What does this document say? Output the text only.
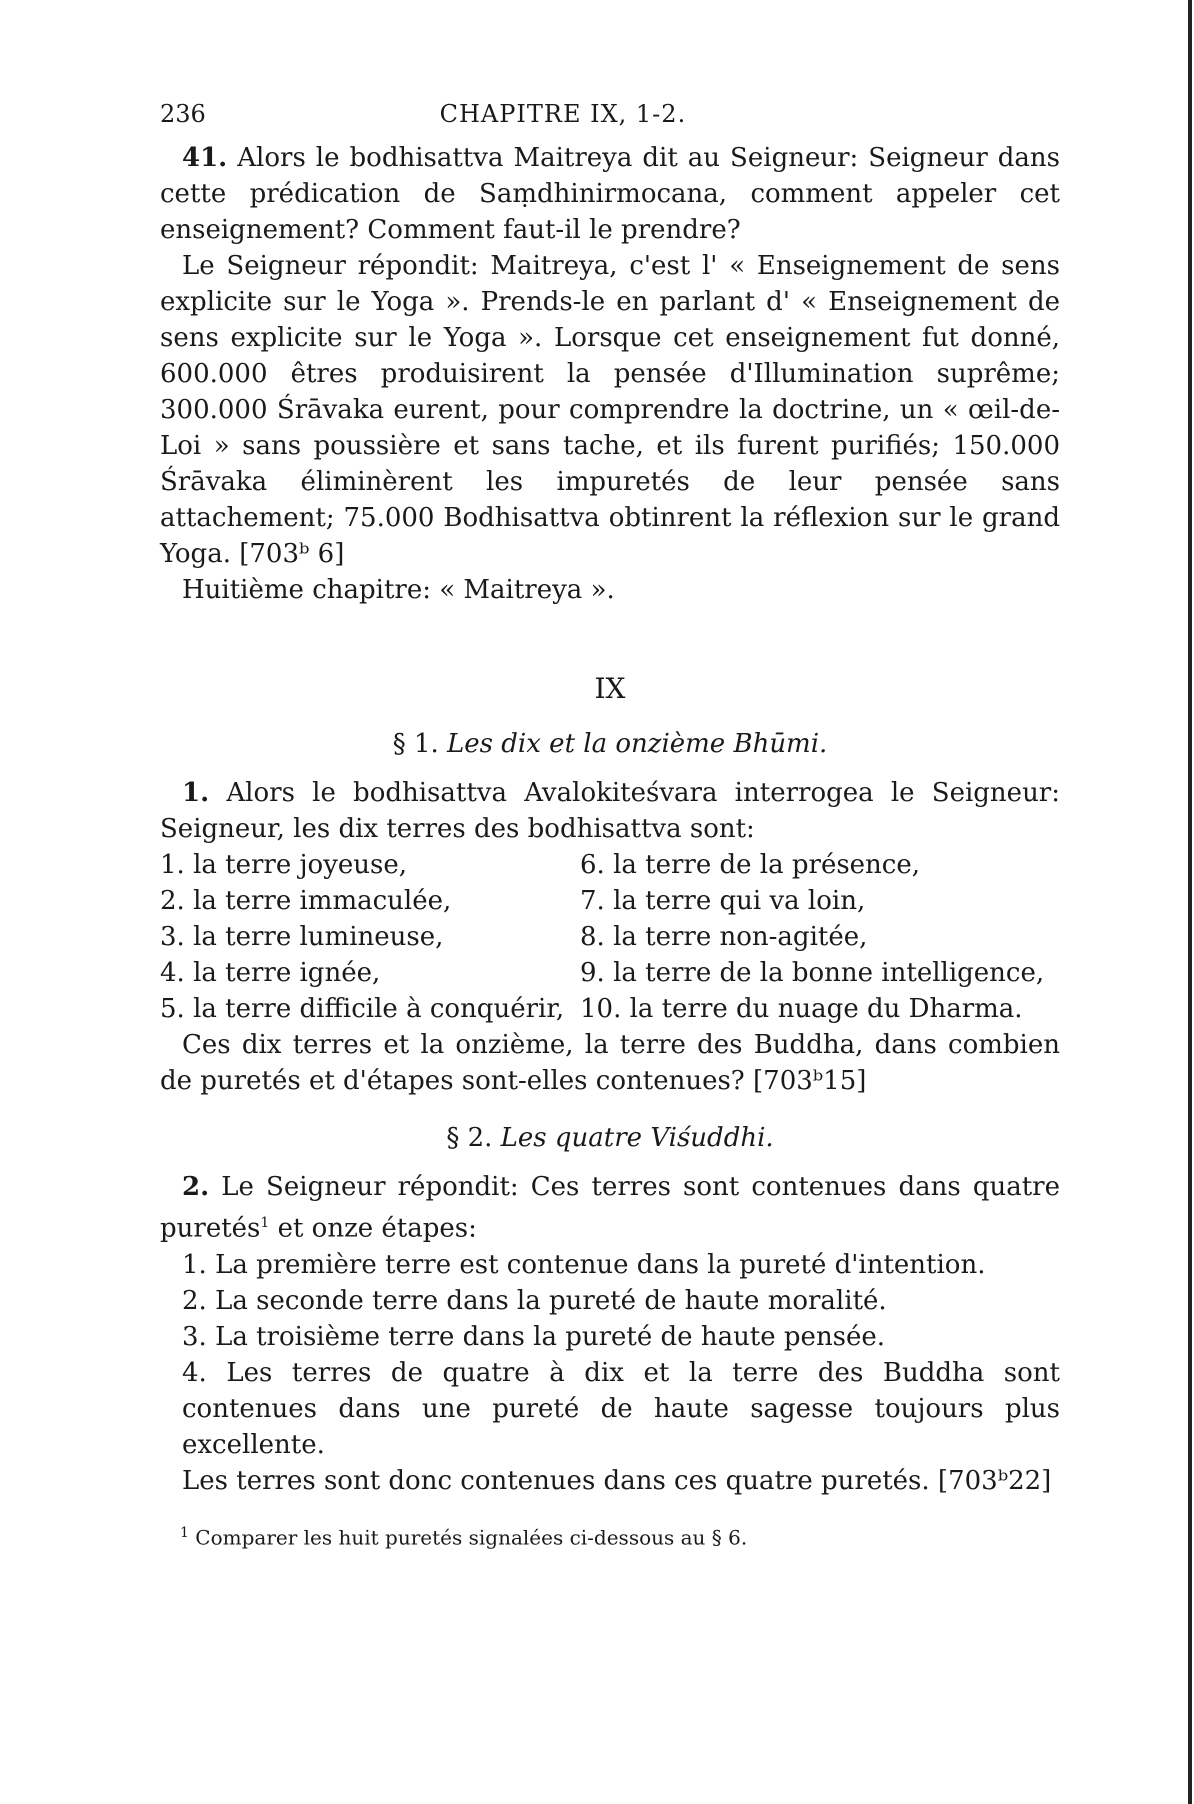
236	CHAPITRE IX, 1-2.

41. Alors le bodhisattva Maitreya dit au Seigneur: Seigneur dans cette prédication de Saṃdhinirmocana, comment appeler cet enseignement? Comment faut-il le prendre?

Le Seigneur répondit: Maitreya, c'est l' « Enseignement de sens explicite sur le Yoga ». Prends-le en parlant d' « Enseignement de sens explicite sur le Yoga ». Lorsque cet enseignement fut donné, 600.000 êtres produisirent la pensée d'Illumination suprême; 300.000 Śrāvaka eurent, pour comprendre la doctrine, un « œil-de-Loi » sans poussière et sans tache, et ils furent purifiés; 150.000 Śrāvaka éliminèrent les impuretés de leur pensée sans attachement; 75.000 Bodhisattva obtinrent la réflexion sur le grand Yoga. [703ᵇ 6]

Huitième chapitre: « Maitreya ».

IX
§ 1. Les dix et la onzième Bhūmi.

1. Alors le bodhisattva Avalokiteśvara interrogea le Seigneur: Seigneur, les dix terres des bodhisattva sont:

1. la terre joyeuse,	6. la terre de la présence,
2. la terre immaculée,	7. la terre qui va loin,
3. la terre lumineuse,	8. la terre non-agitée,
4. la terre ignée,	9. la terre de la bonne intelligence,
5. la terre difficile à conquérir, 10. la terre du nuage du Dharma.

Ces dix terres et la onzième, la terre des Buddha, dans combien de puretés et d'étapes sont-elles contenues? [703ᵇ15]

§ 2. Les quatre Viśuddhi.

2. Le Seigneur répondit: Ces terres sont contenues dans quatre puretés$^1$ et onze étapes:

1. La première terre est contenue dans la pureté d'intention.

2. La seconde terre dans la pureté de haute moralité.

3. La troisième terre dans la pureté de haute pensée.

4. Les terres de quatre à dix et la terre des Buddha sont contenues dans une pureté de haute sagesse toujours plus excellente.

Les terres sont donc contenues dans ces quatre puretés. [703ᵇ22]

$^1$ Comparer les huit puretés signalées ci-dessous au § 6.
